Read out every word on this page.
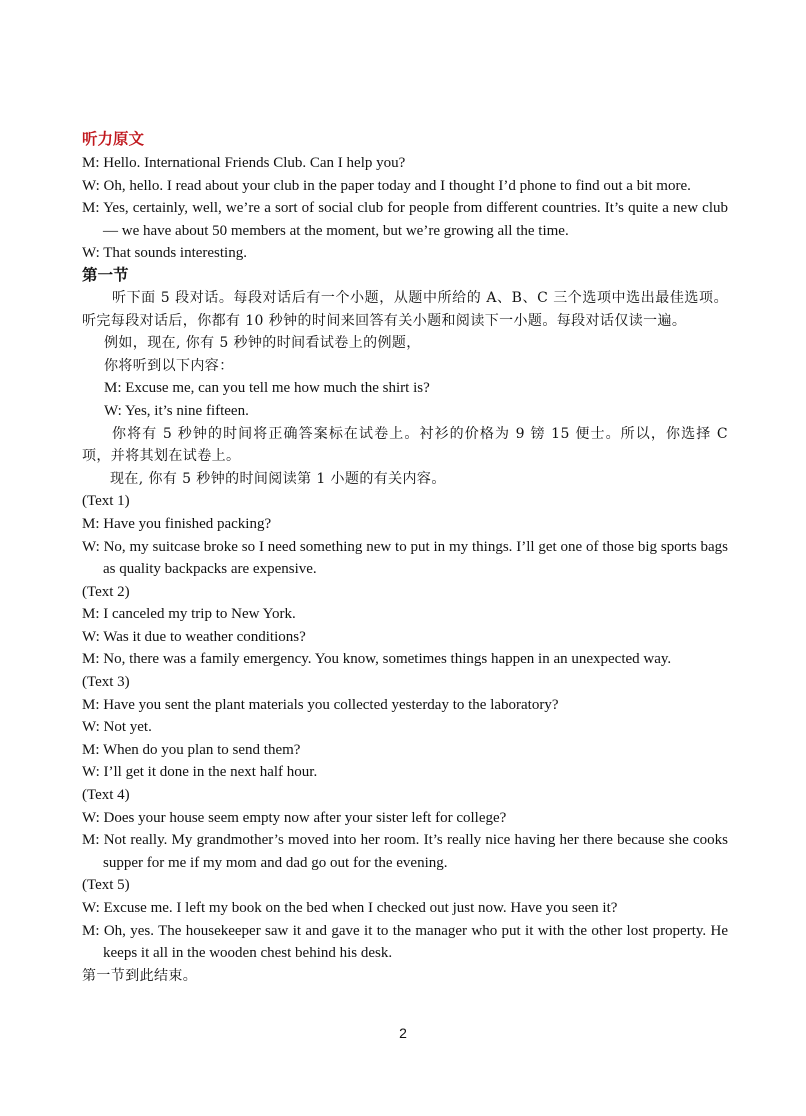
听力原文
M: Hello. International Friends Club. Can I help you?
W: Oh, hello. I read about your club in the paper today and I thought I’d phone to find out a bit more.
M: Yes, certainly, well, we’re a sort of social club for people from different countries. It’s quite a new club — we have about 50 members at the moment, but we’re growing all the time.
W: That sounds interesting.
第一节
听下面 5 段对话。每段对话后有一个小题，从题中所给的 A、B、C 三个选项中选出最佳选项。听完每段对话后，你都有 10 秒钟的时间来回答有关小题和阅读下一小题。每段对话仅读一遍。
例如，现在, 你有 5 秒钟的时间看试卷上的例题，
你将听到以下内容：
M: Excuse me, can you tell me how much the shirt is?
W: Yes, it’s nine fifteen.
你将有 5 秒钟的时间将正确答案标在试卷上。衬衫的价格为 9 镑 15 便士。所以，你选择 C 项，并将其划在试卷上。
现在, 你有 5 秒钟的时间阅读第 1 小题的有关内容。
(Text 1)
M: Have you finished packing?
W: No, my suitcase broke so I need something new to put in my things. I’ll get one of those big sports bags as quality backpacks are expensive.
(Text 2)
M: I canceled my trip to New York.
W: Was it due to weather conditions?
M: No, there was a family emergency. You know, sometimes things happen in an unexpected way.
(Text 3)
M: Have you sent the plant materials you collected yesterday to the laboratory?
W: Not yet.
M: When do you plan to send them?
W: I’ll get it done in the next half hour.
(Text 4)
W: Does your house seem empty now after your sister left for college?
M: Not really. My grandmother’s moved into her room. It’s really nice having her there because she cooks supper for me if my mom and dad go out for the evening.
(Text 5)
W: Excuse me. I left my book on the bed when I checked out just now. Have you seen it?
M: Oh, yes. The housekeeper saw it and gave it to the manager who put it with the other lost property. He keeps it all in the wooden chest behind his desk.
第一节到此结束。
2
